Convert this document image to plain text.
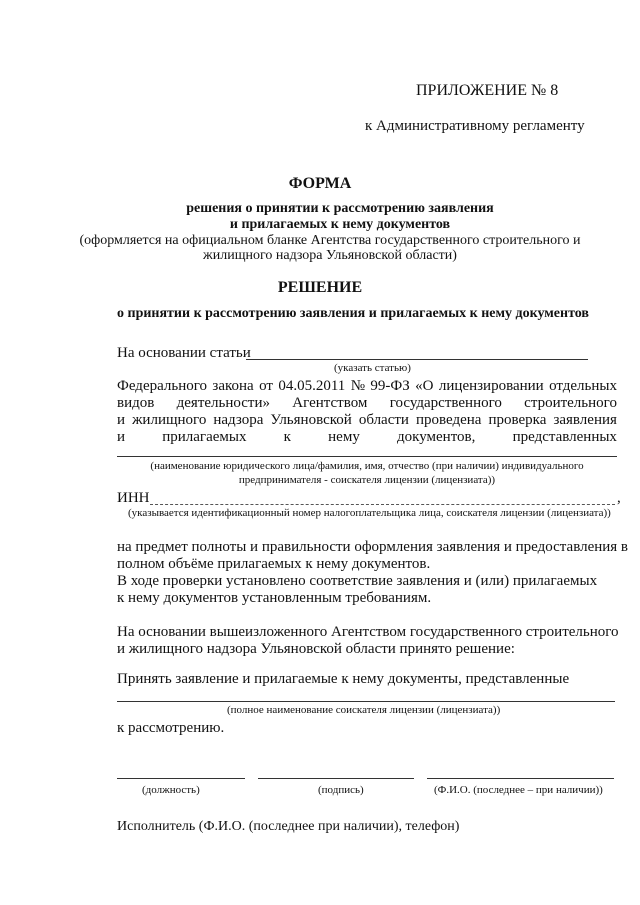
ПРИЛОЖЕНИЕ № 8
к Административному регламенту
ФОРМА
решения о принятии к рассмотрению заявления
и прилагаемых к нему документов
(оформляется на официальном бланке Агентства государственного строительного и
жилищного надзора Ульяновской области)
РЕШЕНИЕ
о принятии к рассмотрению заявления и прилагаемых к нему документов
На основании статьи
(указать статью)
Федерального закона от 04.05.2011 № 99-ФЗ «О лицензировании отдельных
видов деятельности» Агентством государственного строительного
и жилищного надзора Ульяновской области проведена проверка заявления
и прилагаемых к нему документов, представленных
(наименование юридического лица/фамилия, имя, отчество (при наличии) индивидуального
предпринимателя - соискателя лицензии (лицензиата))
ИНН	,
(указывается идентификационный номер налогоплательщика лица, соискателя лицензии (лицензиата))
на предмет полноты и правильности оформления заявления и предоставления в
полном объёме прилагаемых к нему документов.
В ходе проверки установлено соответствие заявления и (или) прилагаемых
к нему документов установленным требованиям.
На основании вышеизложенного Агентством государственного строительного
и жилищного надзора Ульяновской области принято решение:
Принять заявление и прилагаемые к нему документы, представленные
(полное наименование соискателя лицензии (лицензиата))
к рассмотрению.
(должность)	(подпись)	(Ф.И.О. (последнее – при наличии))
Исполнитель (Ф.И.О. (последнее при наличии), телефон)
